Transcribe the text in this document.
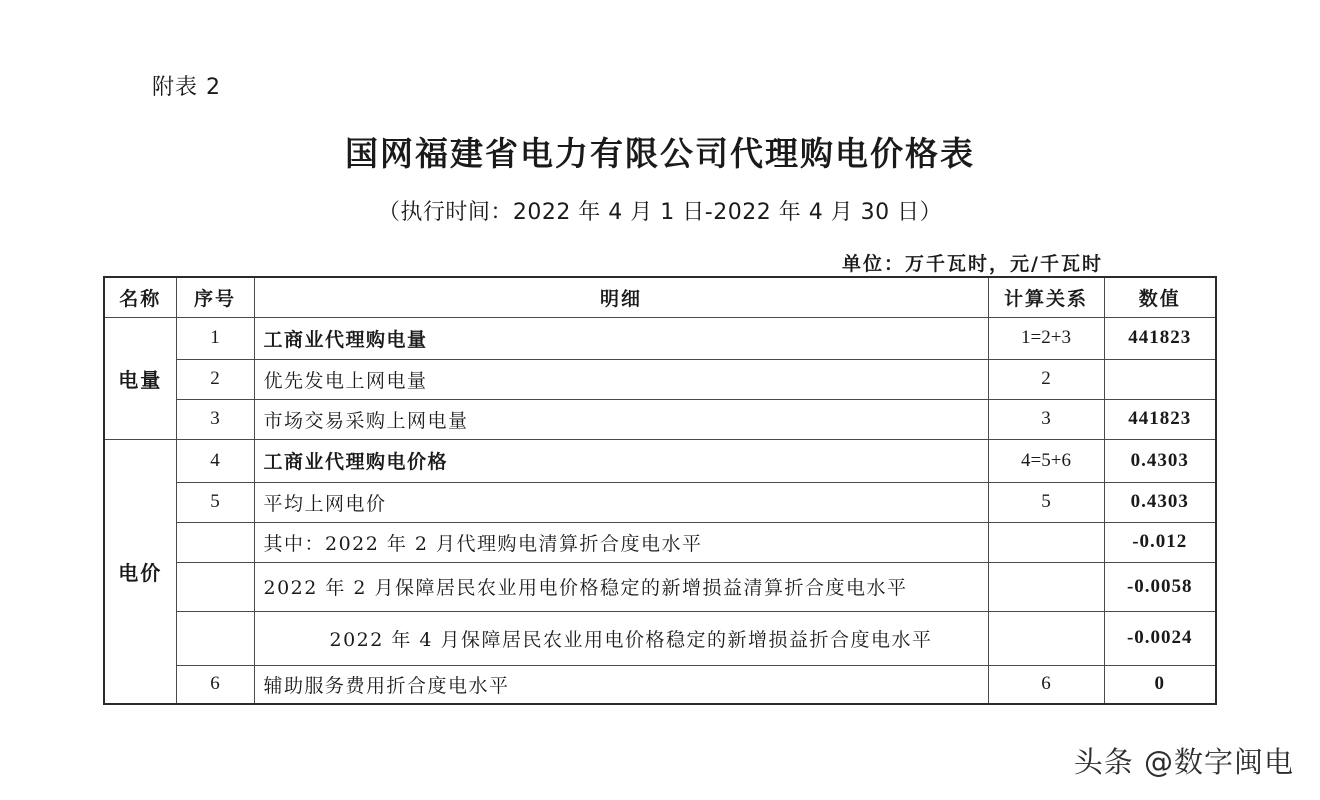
附表 2
国网福建省电力有限公司代理购电价格表
（执行时间：2022 年 4 月 1 日-2022 年 4 月 30 日）
单位：万千瓦时，元/千瓦时
名称	序号	明细	计算关系	数值
电量	1	工商业代理购电量	1=2+3	441823
	2	优先发电上网电量	2	
	3	市场交易采购上网电量	3	441823
电价	4	工商业代理购电价格	4=5+6	0.4303
	5	平均上网电价	5	0.4303
		其中：2022 年 2 月代理购电清算折合度电水平		-0.012
		2022 年 2 月保障居民农业用电价格稳定的新增损益清算折合度电水平		-0.0058
		2022 年 4 月保障居民农业用电价格稳定的新增损益折合度电水平		-0.0024
	6	辅助服务费用折合度电水平	6	0
头条 @数字闽电
